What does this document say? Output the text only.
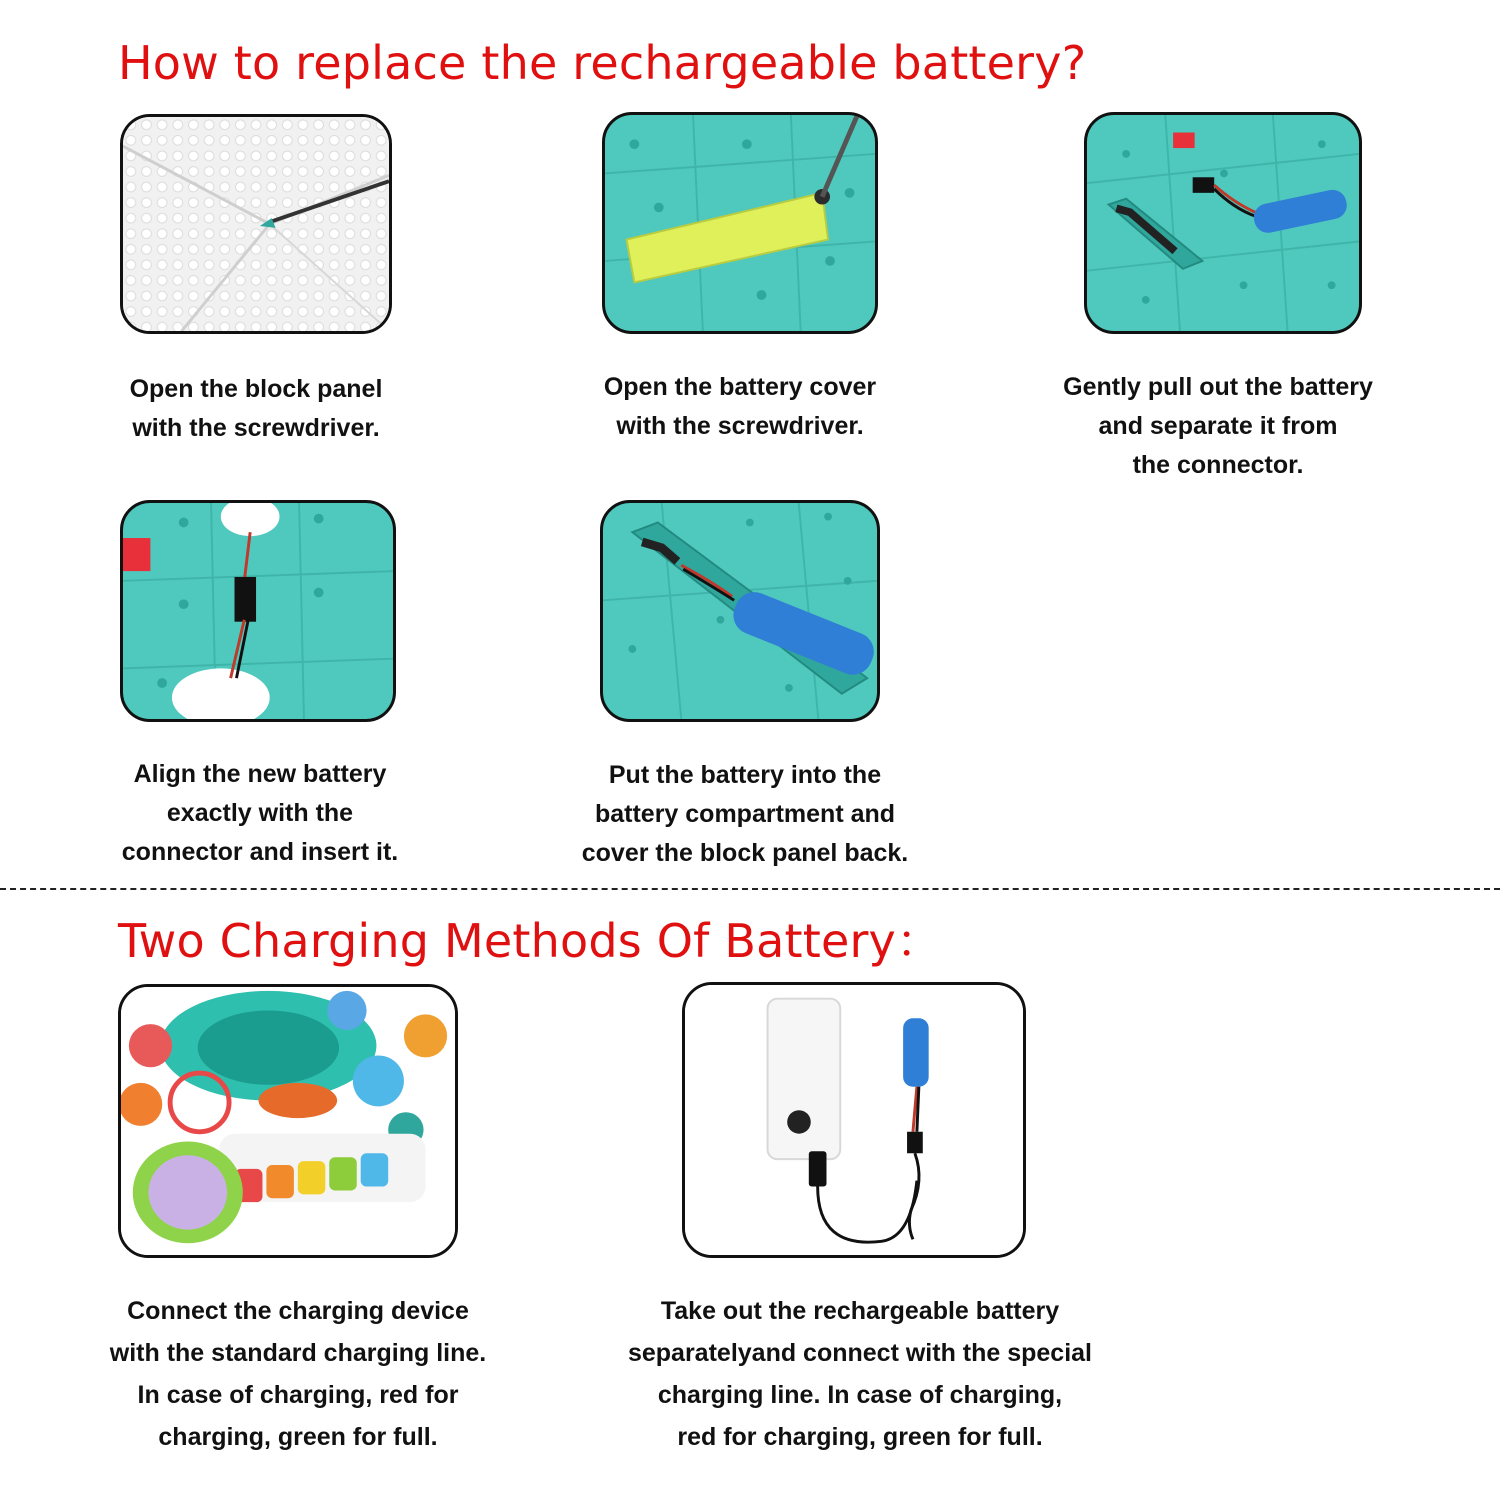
How to replace the rechargeable battery?

Open the block panel
with the screwdriver.

Open the battery cover
with the screwdriver.

Gently pull out the battery
and separate it from
the connector.

Align the new battery
exactly with the
connector and insert it.

Put the battery into the
battery compartment and
cover the block panel back.

Two Charging Methods Of Battery：

Connect the charging device
with the standard charging line.
In case of charging, red for
charging, green for full.

Take out the rechargeable battery
separatelyand connect with the special
charging line. In case of charging,
red for charging, green for full.
